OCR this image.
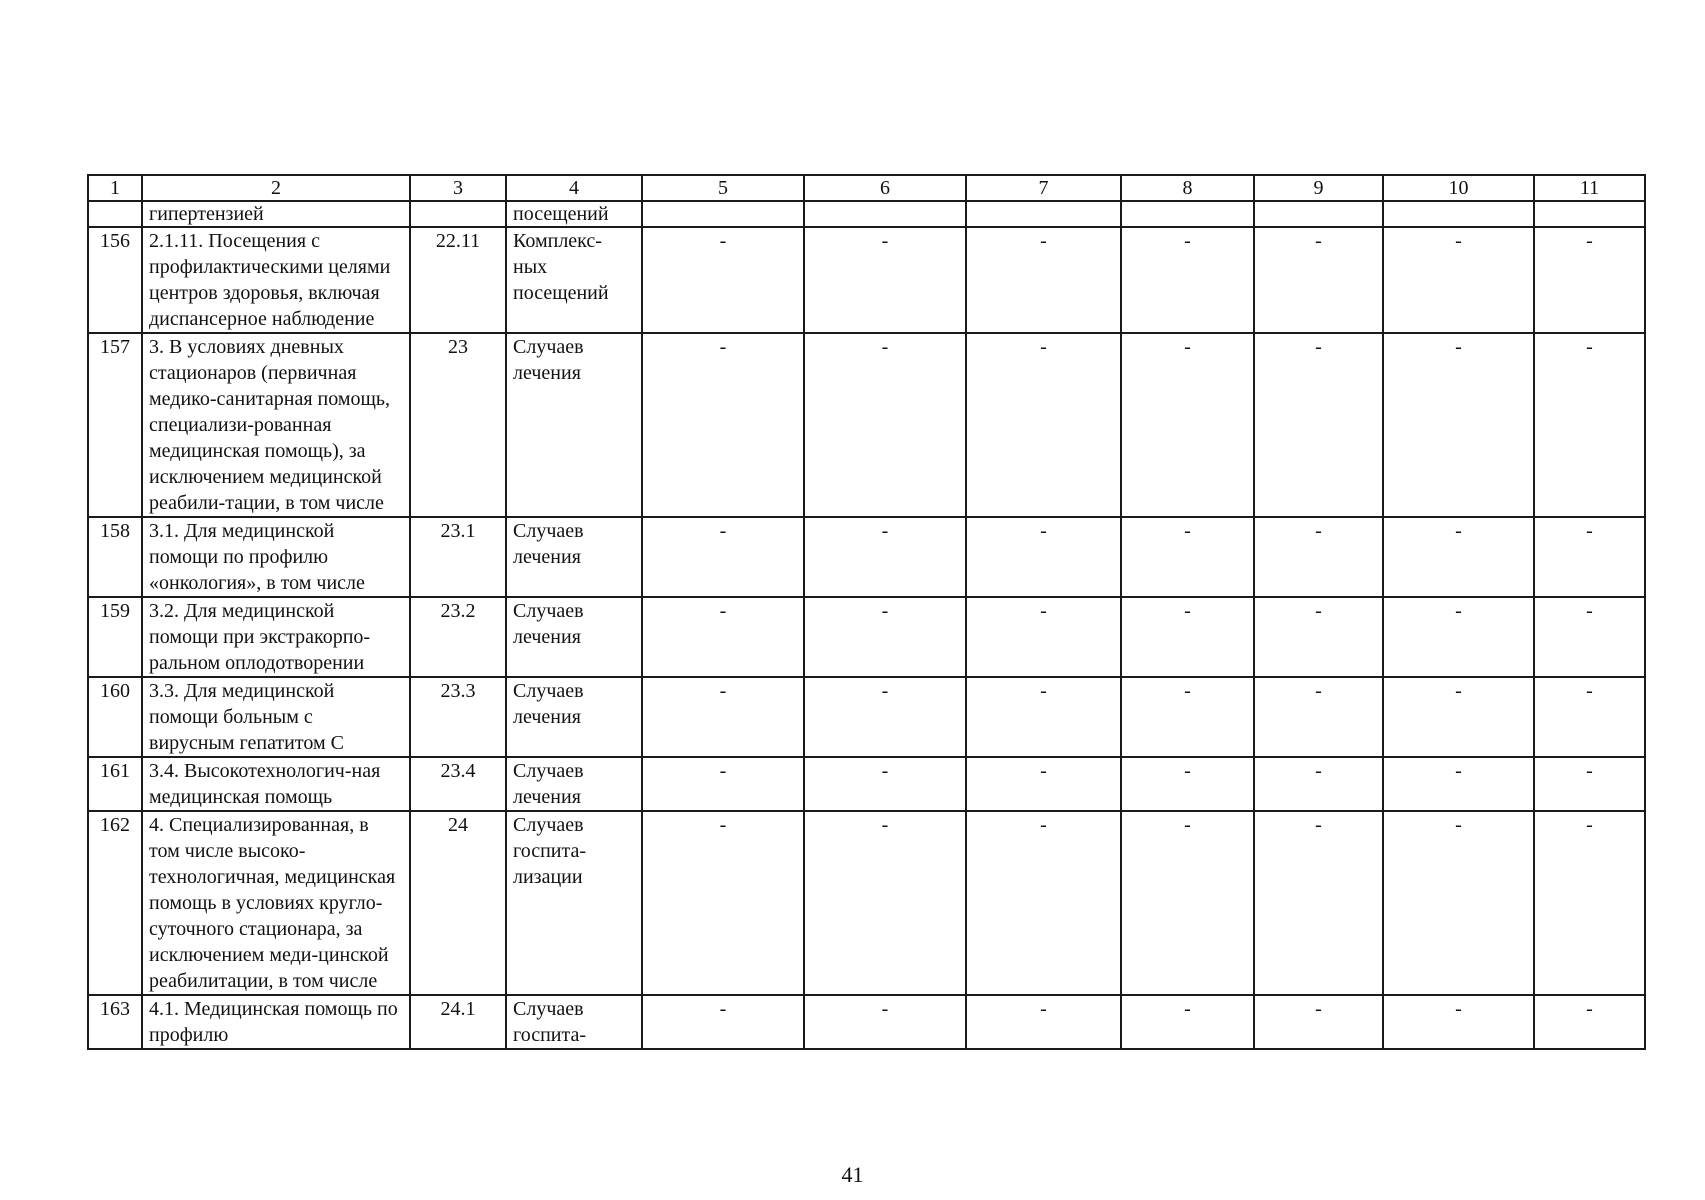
1	2	3	4	5	6	7	8	9	10	11
	гипертензией		посещений							
156	2.1.11. Посещения с профилактическими целями центров здоровья, включая диспансерное наблюдение	22.11	Комплекс-ных посещений	-	-	-	-	-	-	-
157	3. В условиях дневных стационаров (первичная медико-санитарная помощь, специализи-рованная медицинская помощь), за исключением медицинской реабили-тации, в том числе	23	Случаев лечения	-	-	-	-	-	-	-
158	3.1. Для медицинской помощи по профилю «онкология», в том числе	23.1	Случаев лечения	-	-	-	-	-	-	-
159	3.2. Для медицинской помощи при экстракорпо-ральном оплодотворении	23.2	Случаев лечения	-	-	-	-	-	-	-
160	3.3. Для медицинской помощи больным с вирусным гепатитом С	23.3	Случаев лечения	-	-	-	-	-	-	-
161	3.4. Высокотехнологич-ная медицинская помощь	23.4	Случаев лечения	-	-	-	-	-	-	-
162	4. Специализированная, в том числе высоко-технологичная, медицинская помощь в условиях кругло-суточного стационара, за исключением меди-цинской реабилитации, в том числе	24	Случаев госпита-лизации	-	-	-	-	-	-	-
163	4.1. Медицинская помощь по профилю	24.1	Случаев госпита-	-	-	-	-	-	-	-
41
